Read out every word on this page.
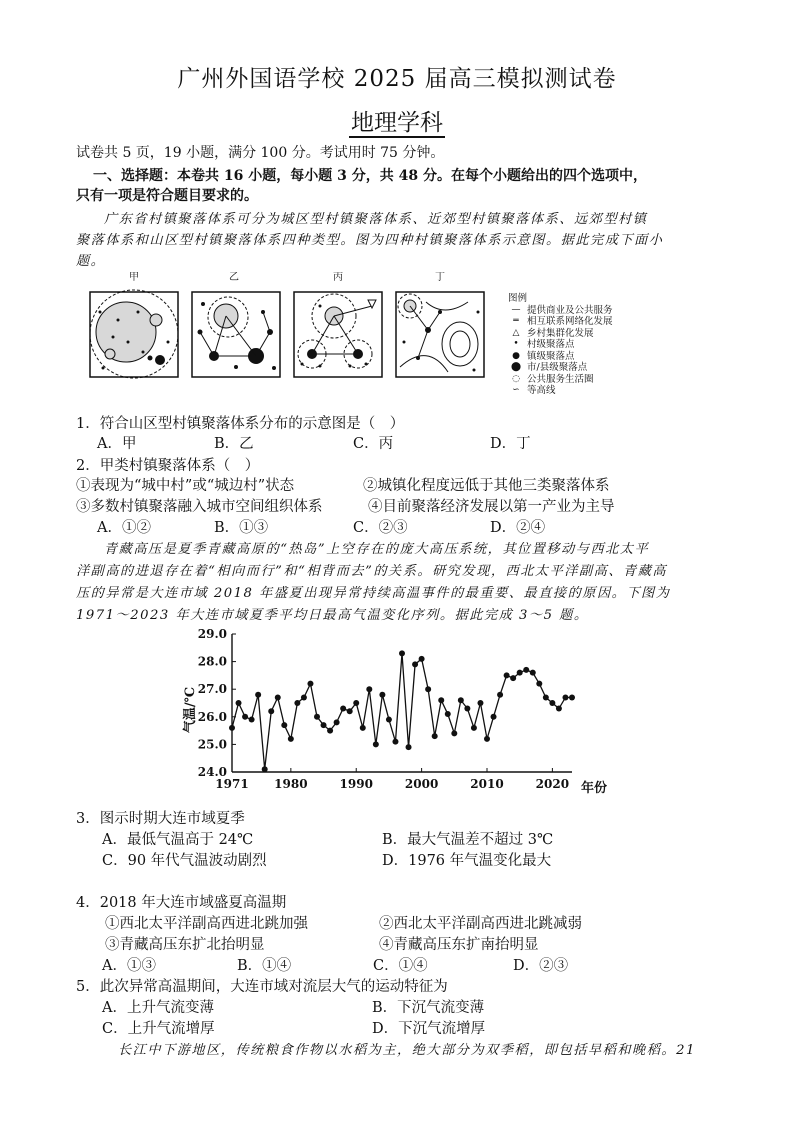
广州外国语学校 2025 届高三模拟测试卷
地理学科
试卷共 5 页，19 小题，满分 100 分。考试用时 75 分钟。
一、选择题：本卷共 16 小题，每小题 3 分，共 48 分。在每个小题给出的四个选项中，
只有一项是符合题目要求的。
广东省村镇聚落体系可分为城区型村镇聚落体系、近郊型村镇聚落体系、远郊型村镇
聚落体系和山区型村镇聚落体系四种类型。图为四种村镇聚落体系示意图。据此完成下面小
题。
甲	乙	丙	丁
图例
— 提供商业及公共服务
═ 相互联系网络化发展
△ 乡村集群化发展
• 村级聚落点
● 镇级聚落点
⬤ 市/县级聚落点
◌ 公共服务生活圈
∽ 等高线
1．符合山区型村镇聚落体系分布的示意图是（　）
A．甲	B．乙	C．丙	D．丁
2．甲类村镇聚落体系（　）
①表现为“城中村”或“城边村”状态	②城镇化程度远低于其他三类聚落体系
③多数村镇聚落融入城市空间组织体系	④目前聚落经济发展以第一产业为主导
A．①②	B．①③	C．②③	D．②④
青藏高压是夏季青藏高原的“热岛”上空存在的庞大高压系统，其位置移动与西北太平
洋副高的进退存在着“相向而行”和“相背而去”的关系。研究发现，西北太平洋副高、青藏高
压的异常是大连市域 2018 年盛夏出现异常持续高温事件的最重要、最直接的原因。下图为
1971～2023 年大连市域夏季平均日最高气温变化序列。据此完成 3～5 题。
24.0
25.0
26.0
27.0
28.0
29.0
1971 1980	1990	2000	2010	2020
气温/℃
年份
3．图示时期大连市域夏季
A．最低气温高于 24℃	B．最大气温差不超过 3℃
C．90 年代气温波动剧烈	D．1976 年气温变化最大
4．2018 年大连市域盛夏高温期
①西北太平洋副高西进北跳加强	②西北太平洋副高西进北跳减弱
③青藏高压东扩北抬明显	④青藏高压东扩南抬明显
A．①③	B．①④	C．①④	D．②③
5．此次异常高温期间，大连市域对流层大气的运动特征为
A．上升气流变薄	B．下沉气流变薄
C．上升气流增厚	D．下沉气流增厚
长江中下游地区，传统粮食作物以水稻为主，绝大部分为双季稻，即包括早稻和晚稻。21
